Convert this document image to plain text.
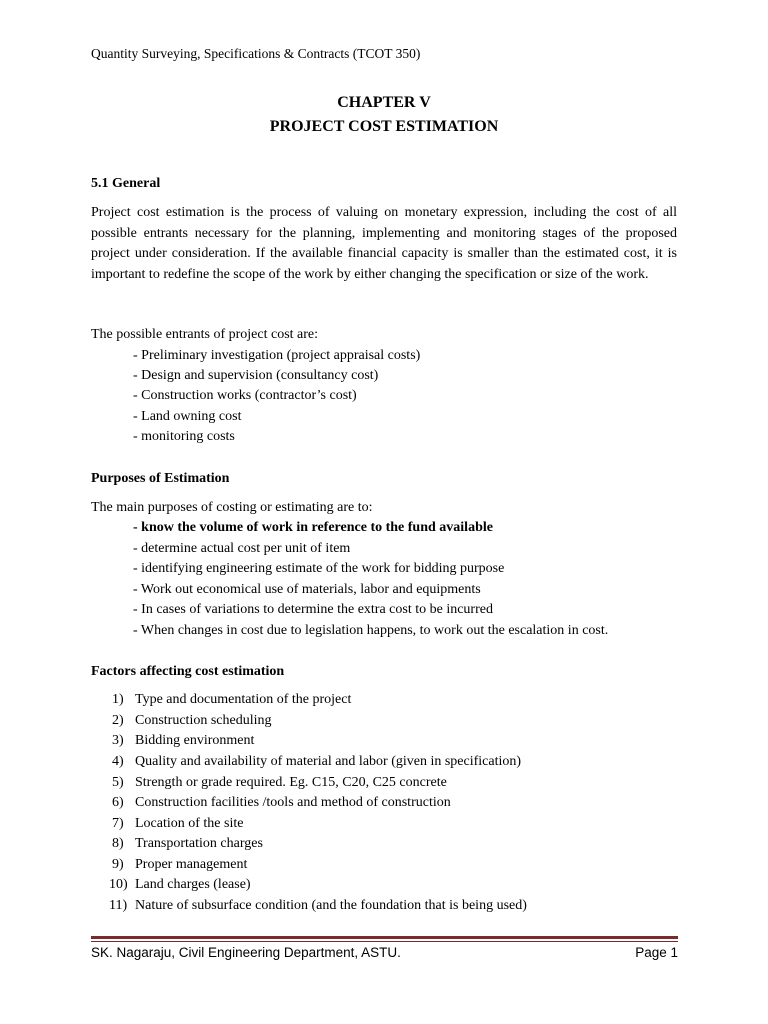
Quantity Surveying, Specifications & Contracts (TCOT 350)
CHAPTER V
PROJECT COST ESTIMATION
5.1 General
Project cost estimation is the process of valuing on monetary expression, including the cost of all possible entrants necessary for the planning, implementing and monitoring stages of the proposed project under consideration. If the available financial capacity is smaller than the estimated cost, it is important to redefine the scope of the work by either changing the specification or size of the work.
The possible entrants of project cost are:
- Preliminary investigation (project appraisal costs)
- Design and supervision (consultancy cost)
- Construction works (contractor’s cost)
- Land owning cost
- monitoring costs
Purposes of Estimation
The main purposes of costing or estimating are to:
- know the volume of work in reference to the fund available
- determine actual cost per unit of item
- identifying engineering estimate of the work for bidding purpose
- Work out economical use of materials, labor and equipments
- In cases of variations to determine the extra cost to be incurred
- When changes in cost due to legislation happens, to work out the escalation in cost.
Factors affecting cost estimation
1) Type and documentation of the project
2) Construction scheduling
3) Bidding environment
4) Quality and availability of material and labor (given in specification)
5) Strength or grade required. Eg. C15, C20, C25 concrete
6) Construction facilities /tools and method of construction
7) Location of the site
8) Transportation charges
9) Proper management
10) Land charges (lease)
11) Nature of subsurface condition (and the foundation that is being used)
SK. Nagaraju, Civil Engineering Department, ASTU.	Page 1
